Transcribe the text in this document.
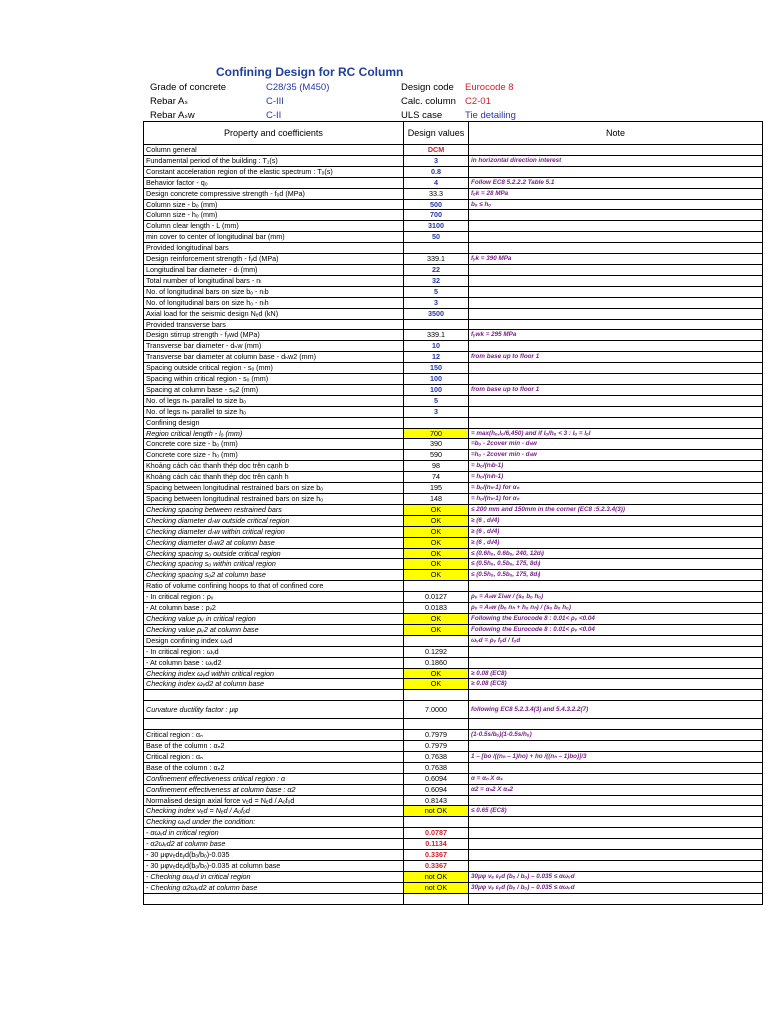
Confining Design for RC Column
Grade of concrete	C28/35 (M450)
Rebar Aₛ	C-III
Rebar Aₛw	C-II
Design code Eurocode 8
Calc. column C2-01
ULS case Tie detailing
Property and coefficients	Design values	Note
Column general	DCM	
Fundamental period of the building : T₁(s)	3	in horizontal direction interest
Constant acceleration region of the elastic spectrum : Tₒ(s)	0.8	
Behavior factor - q₀	4	Follow EC8 5.2.2.2 Table 5.1
Design concrete compressive strength - fₒd (MPa)	33.3	fₒk = 28 MPa
Column size - bₒ (mm)	500	bₒ ≤ hₒ
Column size - hₒ (mm)	700	
Column clear length - L (mm)	3100	
min cover to center of longitudinal bar (mm)	50	
Provided longitudinal bars		
Design reinforcement strength - fᵧd (MPa)	339.1	fᵧk = 390 MPa
Longitudinal bar diameter - dₗ (mm)	22	
Total number of longitudinal bars - nₗ	32	
No. of longitudinal bars on size bₒ - nₗb	5	
No. of longitudinal bars on size hₒ - nₗh	3	
Axial load for the seismic design Nₑd (kN)	3500	
Provided transverse bars		
Design stirrup strength - fᵧwd (MPa)	339.1	fᵧwk = 295 MPa
Transverse bar diameter - dₕw (mm)	10	
Transverse bar diameter at column base - dₕw2 (mm)	12	from base up to floor 1
Spacing outside critical region - sₒ (mm)	150	
Spacing within critical region - sₒ (mm)	100	
Spacing at column base - sₒ2 (mm)	100	from base up to floor 1
No. of legs nₕ parallel to size bₒ	5	
No. of legs nₕ parallel to size hₒ	3	
Confining design		
Region critical length - lₒ (mm)	700	= max(hₒ,lₒ/6,450) and if lₒ/hₒ < 3 : lₒ = lₒl
Concrete core size - bₒ (mm)	390	=bₒ - 2cover min - dₕw
Concrete core size - hₒ (mm)	590	=hₒ - 2cover min - dₕw
Khoảng cách các thanh thép dọc trên cạnh b	98	= bₒ/(nₗb-1)
Khoảng cách các thanh thép dọc trên cạnh h	74	= hₒ/(nₗh-1)
Spacing between longitudinal restrained bars on size bₒ	195	= bₒ/(nₕ-1) for αₙ
Spacing between longitudinal restrained bars on size hₒ	148	= hₒ/(nₕ-1) for αₙ
Checking spacing between restrained bars	OK	≤ 200 mm and 150mm in the corner (EC8 :5.2.3.4(3))
Checking diameter dₕw outside critical region	OK	≥ (6 , dₗ/4)
Checking diameter dₕw within critical region	OK	≥ (6 , dₗ/4)
Checking diameter dₕw2 at column base	OK	≥ (6 , dₗ/4)
Checking spacing sₒ outside critical region	OK	≤ (0.6hₒ, 0.6bₒ, 240, 12dₗ)
Checking spacing sₒ within critical region	OK	≤ (0.5hₒ, 0.5bₒ, 175, 8dₗ)
Checking spacing sₒ2 at column base	OK	≤ (0.5hₒ, 0.5bₒ, 175, 8dₗ)
Ratio of volume confining hoops to that of confined core		
- In critical region : ρᵥ	0.0127	ρᵥ = Aₕw Σlₕw / (sₒ bₒ hₒ)
- At column base : ρᵥ2	0.0183	ρᵥ = Aₕw (bₒ nₕ + hₒ nₕ) / (sₒ bₒ hₒ)
Checking value ρᵥ in critical region	OK	Following the Eurocode 8 : 0.01< ρᵥ <0.04
Checking value ρᵥ2 at column base	OK	Following the Eurocode 8 : 0.01< ρᵥ <0.04
Design confining index ωᵥd		ωᵥd = ρᵥ fᵧd / fₒd
- In critical region : ωᵥd	0.1292	
- At column base : ωᵥd2	0.1860	
Checking index ωᵥd within critical region	OK	≥ 0.08 (EC8)
Checking index ωᵥd2 at column base	OK	≥ 0.08 (EC8)

Curvature ductility factor : μφ	7.0000	following EC8 5.2.3.4(3) and 5.4.3.2.2(7)

Critical region : αₙ	0.7979	(1-0.5s/bₒ)(1-0.5s/hₒ)
Base of the column : αₙ2	0.7979	
Critical region : αₙ	0.7638	1 – [bo /((nₕ – 1)ho) + ho /((nₕ – 1)bo)]/3
Base of the column : αₙ2	0.7638	
Confinement effectiveness critical region : α	0.6094	α = αₙ X αₛ
Confinement effectiveness at column base : α2	0.6094	α2 = αₙ2 X αₛ2
Normalised design axial force νₑd = Nₑd / Aₒfₒd	0.8143	
Checking index νₑd = Nₑd / Aₒfₒd	not OK	≤ 0.65 (EC8)
Checking ωᵥd under the condition:		
- αωᵥd in critical region	0.0787	
- α2ωᵥd2 at column base	0.1134	
- 30 μφνₑdεᵧd(bₒ/bₒ)-0.035	0.3367	
- 30 μφνₑdεᵧd(bₒ/bₒ)-0.035 at column base	0.3367	
- Checking αωᵥd in critical region	not OK	30μφ νₑ εᵧd (bₒ / bₒ) – 0.035 ≤ αωᵥd
- Checking α2ωᵥd2 at column base	not OK	30μφ νₑ εᵧd (bₒ / bₒ) – 0.035 ≤ αωᵥd
